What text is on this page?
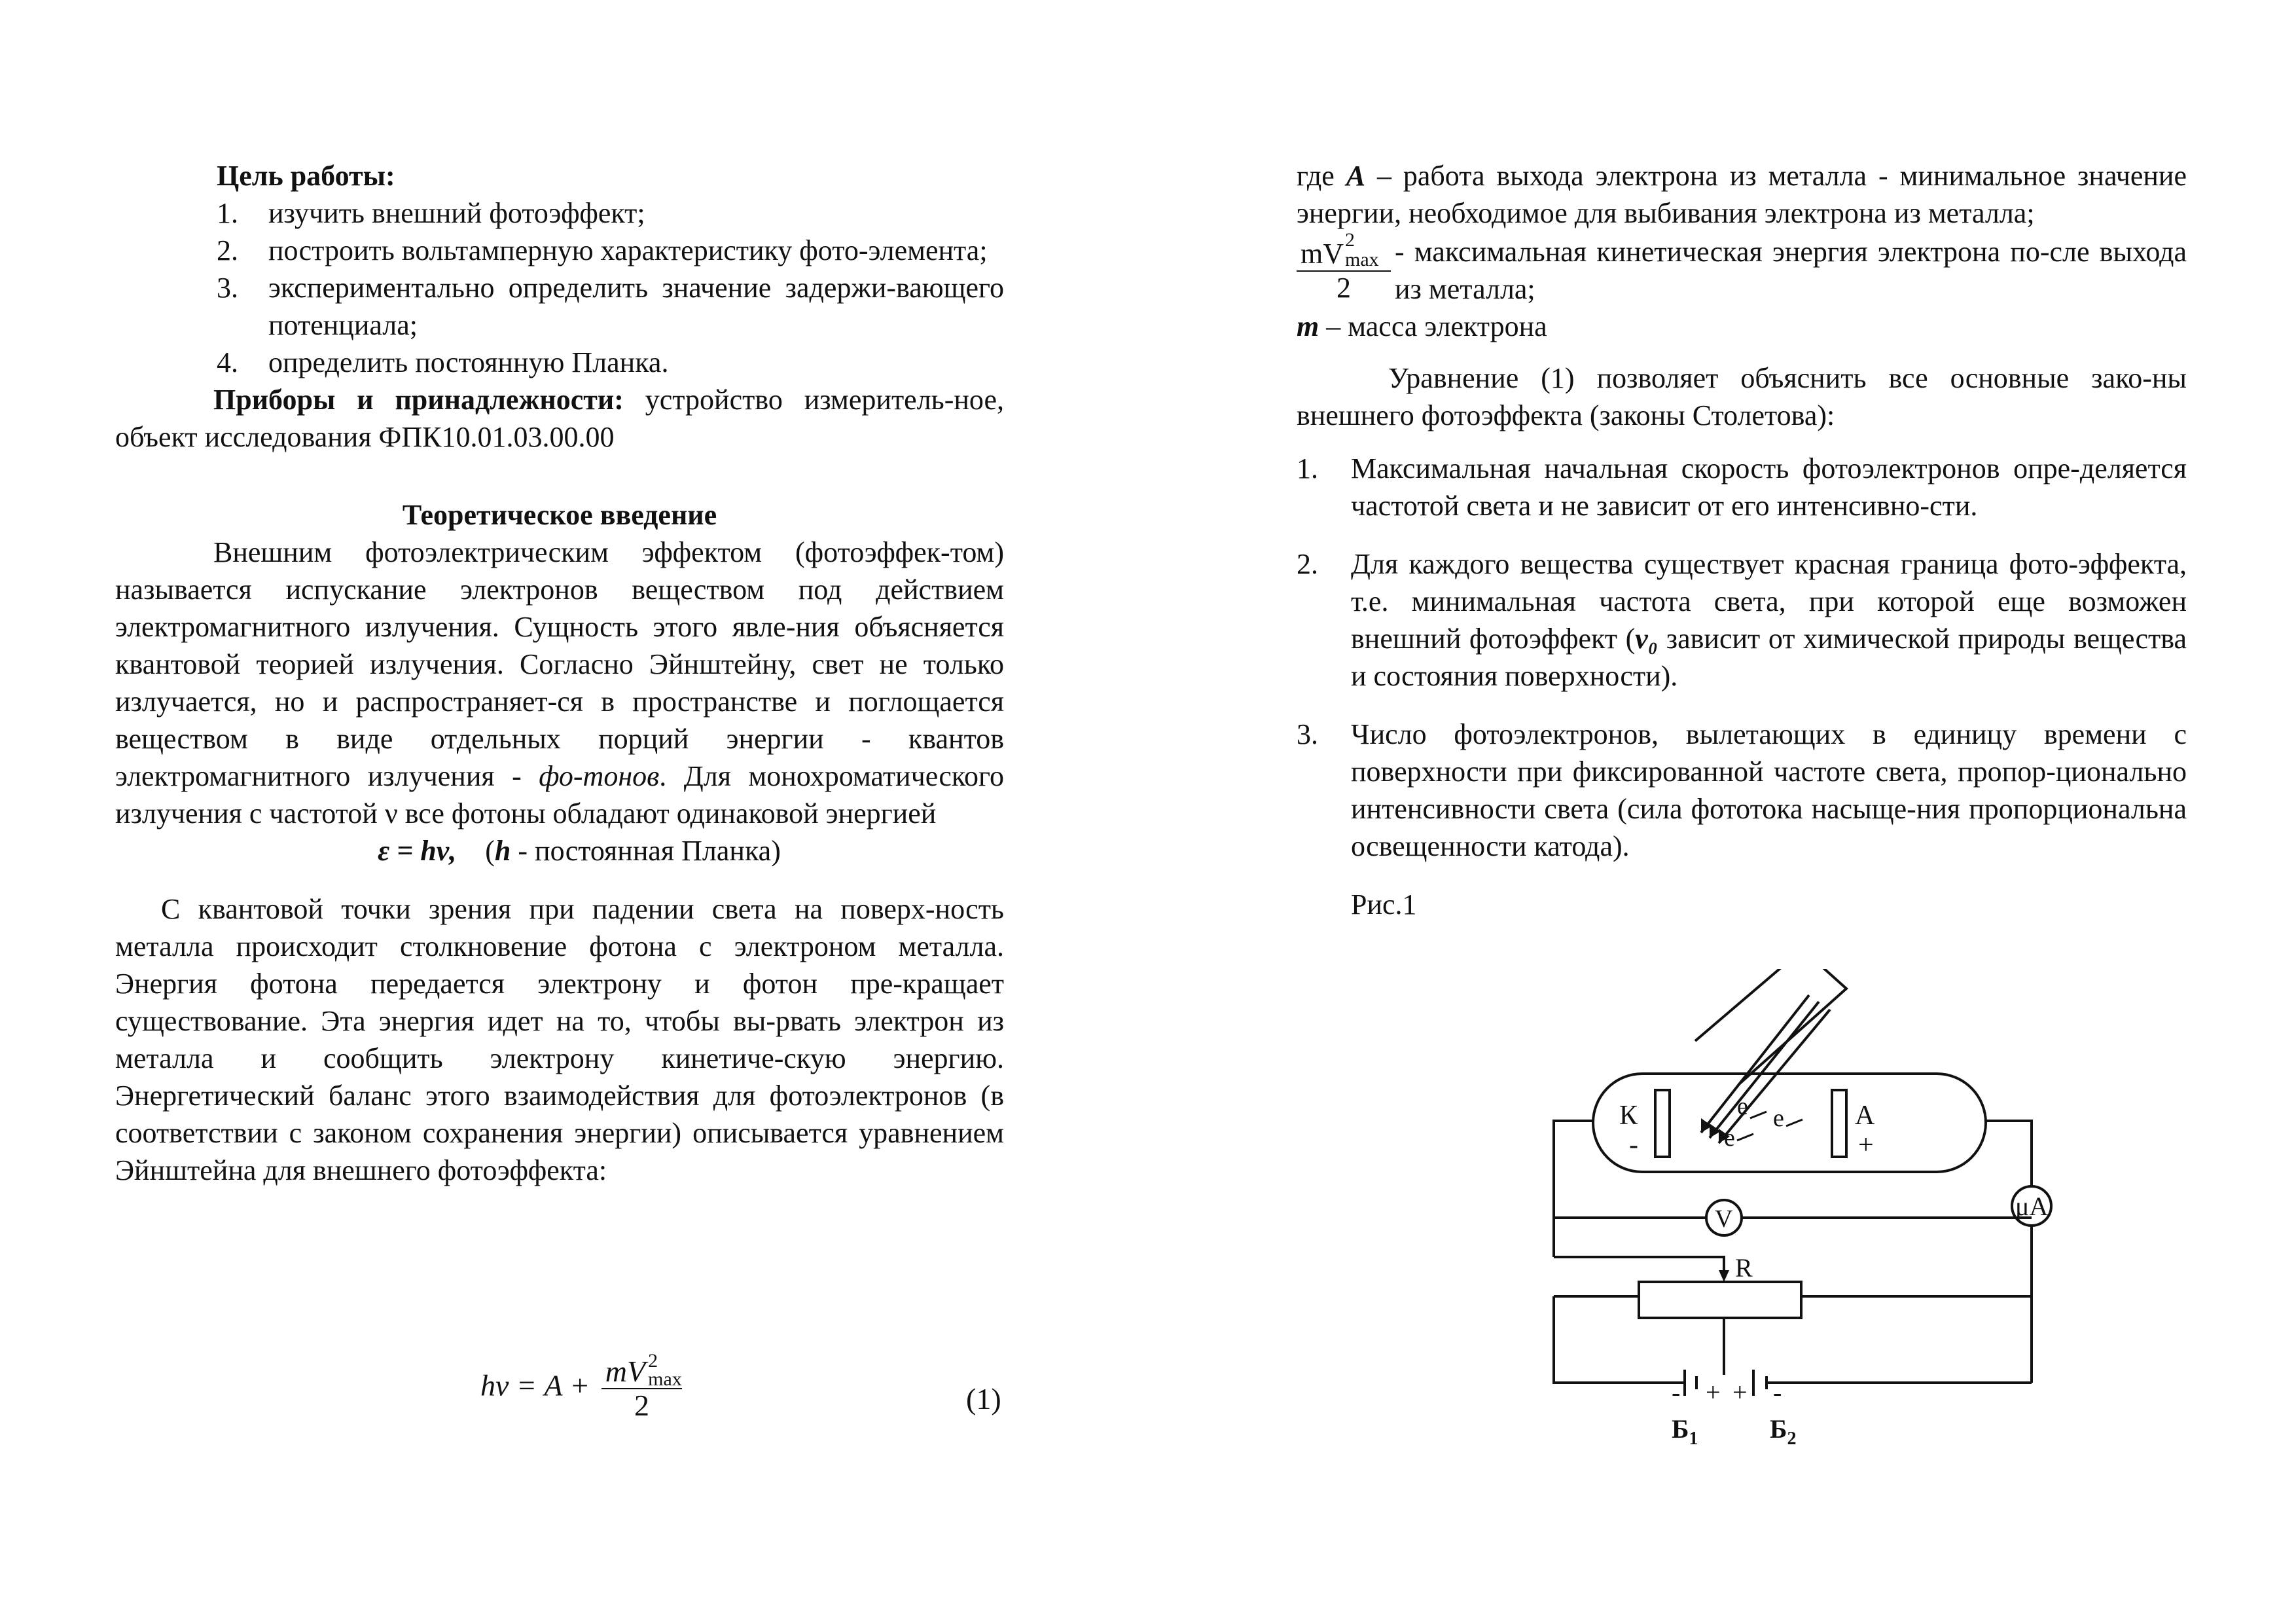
Цель работы:

1.	изучить внешний фотоэффект;
2.	построить вольтамперную характеристику фото-элемента;
3.	экспериментально определить значение задержи-вающего потенциала;
4.	определить постоянную Планка.

Приборы и принадлежности: устройство измеритель-ное, объект исследования ФПК10.01.03.00.00

Теоретическое введение

Внешним фотоэлектрическим эффектом (фотоэффек-том) называется испускание электронов веществом под действием электромагнитного излучения. Сущность этого явле-ния объясняется квантовой теорией излучения. Согласно Эйнштейну, свет не только излучается, но и распространяет-ся в пространстве и поглощается веществом в виде отдельных порций энергии - квантов электромагнитного излучения - фо-тонов. Для монохроматического излучения с частотой ν все фотоны обладают одинаковой энергией

ε = hν,    (h - постоянная Планка)

С квантовой точки зрения при падении света на поверх-ность металла происходит столкновение фотона с электроном металла. Энергия фотона передается электрону и фотон пре-кращает существование. Эта энергия идет на то, чтобы вы-рвать электрон из металла и сообщить электрону кинетиче-скую энергию. Энергетический баланс этого взаимодействия для фотоэлектронов (в соответствии с законом сохранения энергии) описывается уравнением Эйнштейна для внешнего фотоэффекта:

hν = A + mV 2
max
2	(1)

где A – работа выхода электрона из металла - минимальное значение энергии, необходимое для выбивания электрона из металла;

mV 2
max
2 - максимальная кинетическая энергия электрона по-сле выхода из металла;

m – масса электрона

Уравнение (1) позволяет объяснить все основные зако-ны внешнего фотоэффекта (законы Столетова):

1.	Максимальная начальная скорость фотоэлектронов опре-деляется частотой света и не зависит от его интенсивно-сти.
2.	Для каждого вещества существует красная граница фото-эффекта, т.е. минимальная частота света, при которой еще возможен внешний фотоэффект (ν₀ зависит от химической природы вещества и состояния поверхности).
3.	Число фотоэлектронов, вылетающих в единицу времени с поверхности при фиксированной частоте света, пропор-ционально интенсивности света (сила фототока насыще-ния пропорциональна освещенности катода).

Рис.1

К
-
А
+
e e
e
μA
V
R
- + + -
$Б_1$	$Б_2$
